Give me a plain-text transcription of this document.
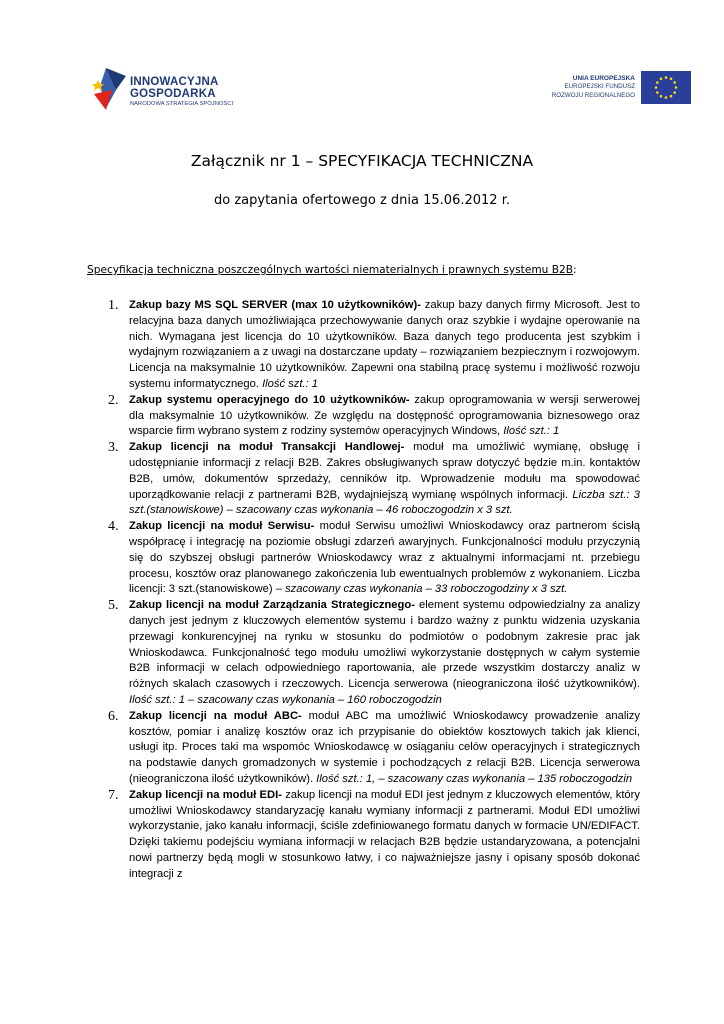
INNOWACYJNA
GOSPODARKA
NARODOWA STRATEGIA SPÓJNOŚCI
UNIA EUROPEJSKA
EUROPEJSKI FUNDUSZ
ROZWOJU REGIONALNEGO
Załącznik nr 1 – SPECYFIKACJA TECHNICZNA
do zapytania ofertowego z dnia 15.06.2012 r.
Specyfikacja techniczna poszczególnych wartości niematerialnych i prawnych systemu B2B:
1. Zakup bazy MS SQL SERVER (max 10 użytkowników)- zakup bazy danych firmy Microsoft. Jest to relacyjna baza danych umożliwiająca przechowywanie danych oraz szybkie i wydajne operowanie na nich. Wymagana jest licencja do 10 użytkowników. Baza danych tego producenta jest szybkim i wydajnym rozwiązaniem a z uwagi na dostarczane updaty – rozwiązaniem bezpiecznym i rozwojowym. Licencja na maksymalnie 10 użytkowników. Zapewni ona stabilną pracę systemu i możliwość rozwoju systemu informatycznego. Ilość szt.: 1
2. Zakup systemu operacyjnego do 10 użytkowników- zakup oprogramowania w wersji serwerowej dla maksymalnie 10 użytkowników. Ze względu na dostępność oprogramowania biznesowego oraz wsparcie firm wybrano system z rodziny systemów operacyjnych Windows, Ilość szt.: 1
3. Zakup licencji na moduł Transakcji Handlowej- moduł ma umożliwić wymianę, obsługę i udostępnianie informacji z relacji B2B. Zakres obsługiwanych spraw dotyczyć będzie m.in. kontaktów B2B, umów, dokumentów sprzedaży, cenników itp. Wprowadzenie modułu ma spowodować uporządkowanie relacji z partnerami B2B, wydajniejszą wymianę wspólnych informacji. Liczba szt.: 3 szt.(stanowiskowe) – szacowany czas wykonania – 46 roboczogodzin x 3 szt.
4. Zakup licencji na moduł Serwisu- moduł Serwisu umożliwi Wnioskodawcy oraz partnerom ścisłą współpracę i integrację na poziomie obsługi zdarzeń awaryjnych. Funkcjonalności modułu przyczynią się do szybszej obsługi partnerów Wnioskodawcy wraz z aktualnymi informacjami nt. przebiegu procesu, kosztów oraz planowanego zakończenia lub ewentualnych problemów z wykonaniem. Liczba licencji: 3 szt.(stanowiskowe) – szacowany czas wykonania – 33 roboczogodziny x 3 szt.
5. Zakup licencji na moduł Zarządzania Strategicznego- element systemu odpowiedzialny za analizy danych jest jednym z kluczowych elementów systemu i bardzo ważny z punktu widzenia uzyskania przewagi konkurencyjnej na rynku w stosunku do podmiotów o podobnym zakresie prac jak Wnioskodawca. Funkcjonalność tego modułu umożliwi wykorzystanie dostępnych w całym systemie B2B informacji w celach odpowiedniego raportowania, ale przede wszystkim dostarczy analiz w różnych skalach czasowych i rzeczowych. Licencja serwerowa (nieograniczona ilość użytkowników). Ilość szt.: 1 – szacowany czas wykonania – 160 roboczogodzin
6. Zakup licencji na moduł ABC- moduł ABC ma umożliwić Wnioskodawcy prowadzenie analizy kosztów, pomiar i analizę kosztów oraz ich przypisanie do obiektów kosztowych takich jak klienci, usługi itp. Proces taki ma wspomóc Wnioskodawcę w osiąganiu celów operacyjnych i strategicznych na podstawie danych gromadzonych w systemie i pochodzących z relacji B2B. Licencja serwerowa (nieograniczona ilość użytkowników). Ilość szt.: 1, – szacowany czas wykonania – 135 roboczogodzin
7. Zakup licencji na moduł EDI- zakup licencji na moduł EDI jest jednym z kluczowych elementów, który umożliwi Wnioskodawcy standaryzację kanału wymiany informacji z partnerami. Moduł EDI umożliwi wykorzystanie, jako kanału informacji, ściśle zdefiniowanego formatu danych w formacie UN/EDIFACT. Dzięki takiemu podejściu wymiana informacji w relacjach B2B będzie ustandaryzowana, a potencjalni nowi partnerzy będą mogli w stosunkowo łatwy, i co najważniejsze jasny i opisany sposób dokonać integracji z
